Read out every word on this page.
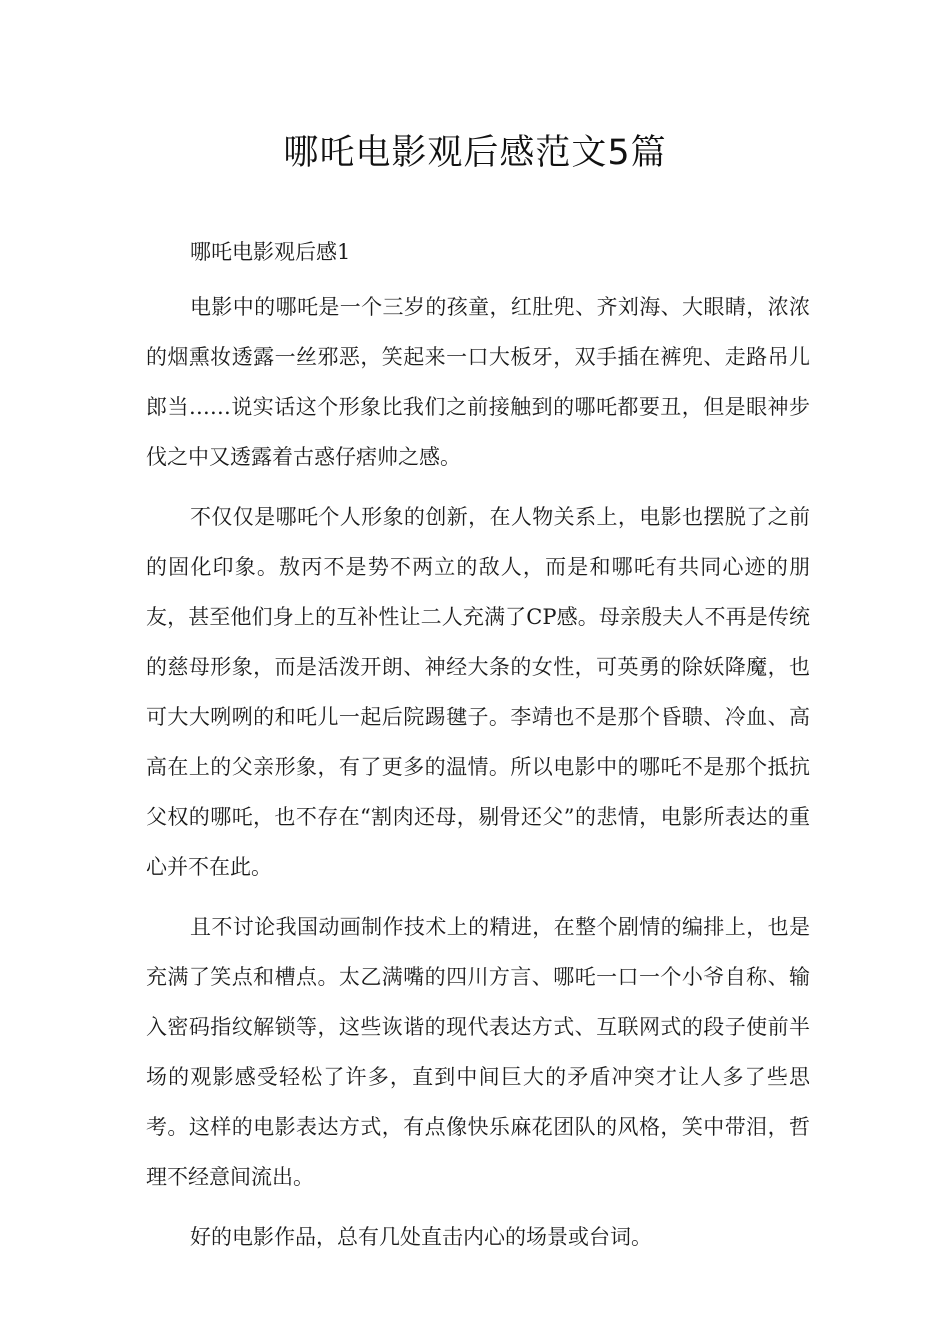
哪吒电影观后感范文5篇
哪吒电影观后感1

电影中的哪吒是一个三岁的孩童，红肚兜、齐刘海、大眼睛，浓浓的烟熏妆透露一丝邪恶，笑起来一口大板牙，双手插在裤兜、走路吊儿郎当……说实话这个形象比我们之前接触到的哪吒都要丑，但是眼神步伐之中又透露着古惑仔痞帅之感。

不仅仅是哪吒个人形象的创新，在人物关系上，电影也摆脱了之前的固化印象。敖丙不是势不两立的敌人，而是和哪吒有共同心迹的朋友，甚至他们身上的互补性让二人充满了CP感。母亲殷夫人不再是传统的慈母形象，而是活泼开朗、神经大条的女性，可英勇的除妖降魔，也可大大咧咧的和吒儿一起后院踢毽子。李靖也不是那个昏聩、冷血、高高在上的父亲形象，有了更多的温情。所以电影中的哪吒不是那个抵抗父权的哪吒，也不存在“割肉还母，剔骨还父”的悲情，电影所表达的重心并不在此。

且不讨论我国动画制作技术上的精进，在整个剧情的编排上，也是充满了笑点和槽点。太乙满嘴的四川方言、哪吒一口一个小爷自称、输入密码指纹解锁等，这些诙谐的现代表达方式、互联网式的段子使前半场的观影感受轻松了许多，直到中间巨大的矛盾冲突才让人多了些思考。这样的电影表达方式，有点像快乐麻花团队的风格，笑中带泪，哲理不经意间流出。

好的电影作品，总有几处直击内心的场景或台词。
